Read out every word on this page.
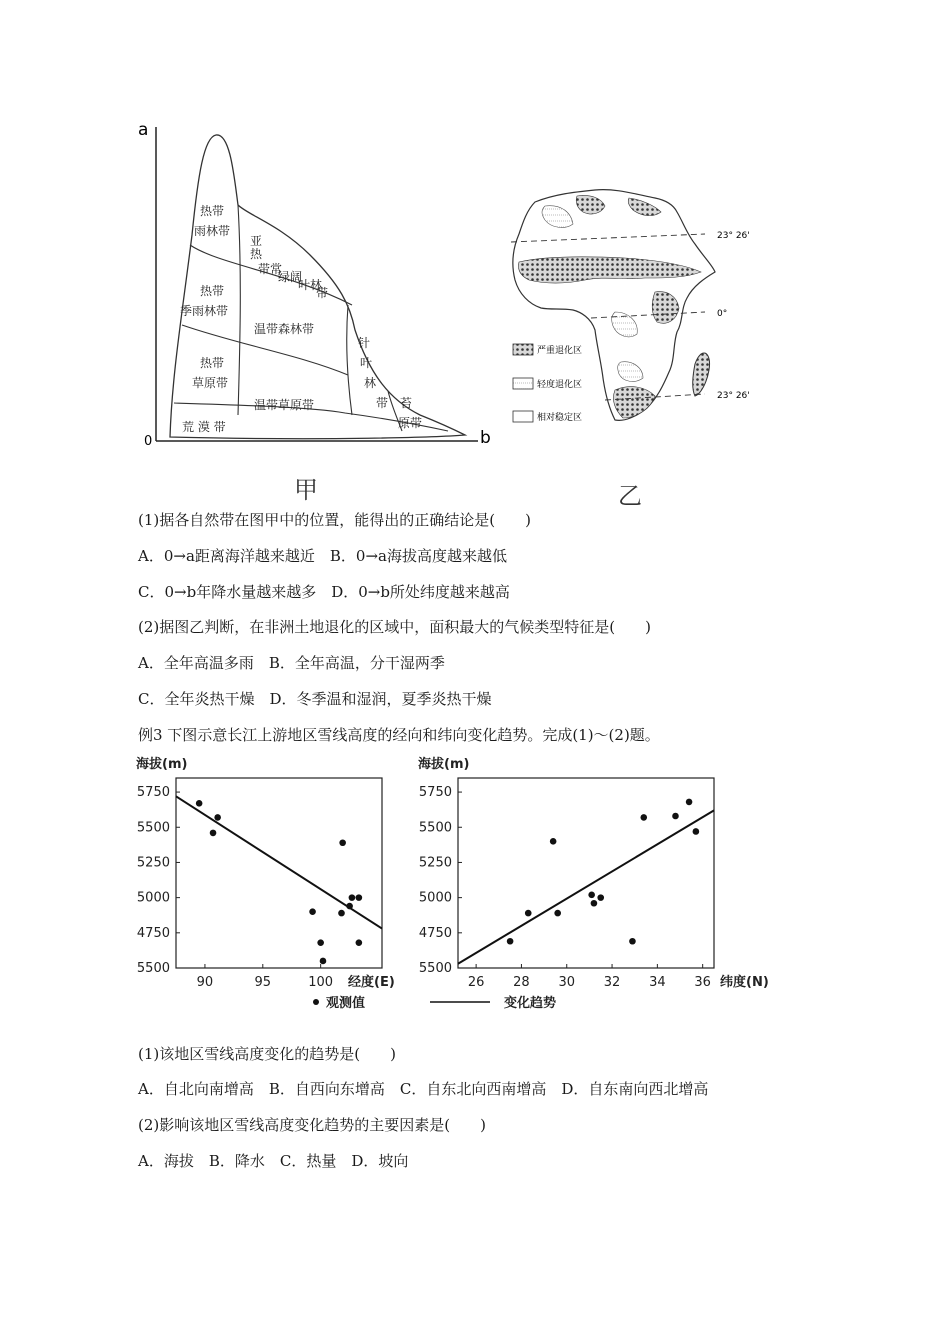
a
b
0
热带
雨林带
亚
热
带常
绿阔
叶林
带
热带
季雨林带
温带森林带
热带
草原带
针
叶
林
带
温带草原带	苔
原带
荒 漠 带
甲
23° 26'
0°
23° 26'
严重退化区
轻度退化区
相对稳定区
乙
(1)据各自然带在图甲中的位置，能得出的正确结论是(　　)
A．0→a距离海洋越来越近　B．0→a海拔高度越来越低
C．0→b年降水量越来越多　D．0→b所处纬度越来越高
(2)据图乙判断，在非洲土地退化的区域中，面积最大的气候类型特征是(　　)
A．全年高温多雨　B．全年高温，分干湿两季
C．全年炎热干燥　D．冬季温和湿润，夏季炎热干燥
例3 下图示意长江上游地区雪线高度的经向和纬向变化趋势。完成(1)～(2)题。
海拔(m)
5750
5500
5250
5000
4750
5500
90	95	100 经度(E)
海拔(m)
5750
5500
5250
5000
4750
5500
26 28 30 32 34 36 纬度(N)
观测值	变化趋势
(1)该地区雪线高度变化的趋势是(　　)
A．自北向南增高　B．自西向东增高　C．自东北向西南增高　D．自东南向西北增高
(2)影响该地区雪线高度变化趋势的主要因素是(　　)
A．海拔　B．降水　C．热量　D．坡向
